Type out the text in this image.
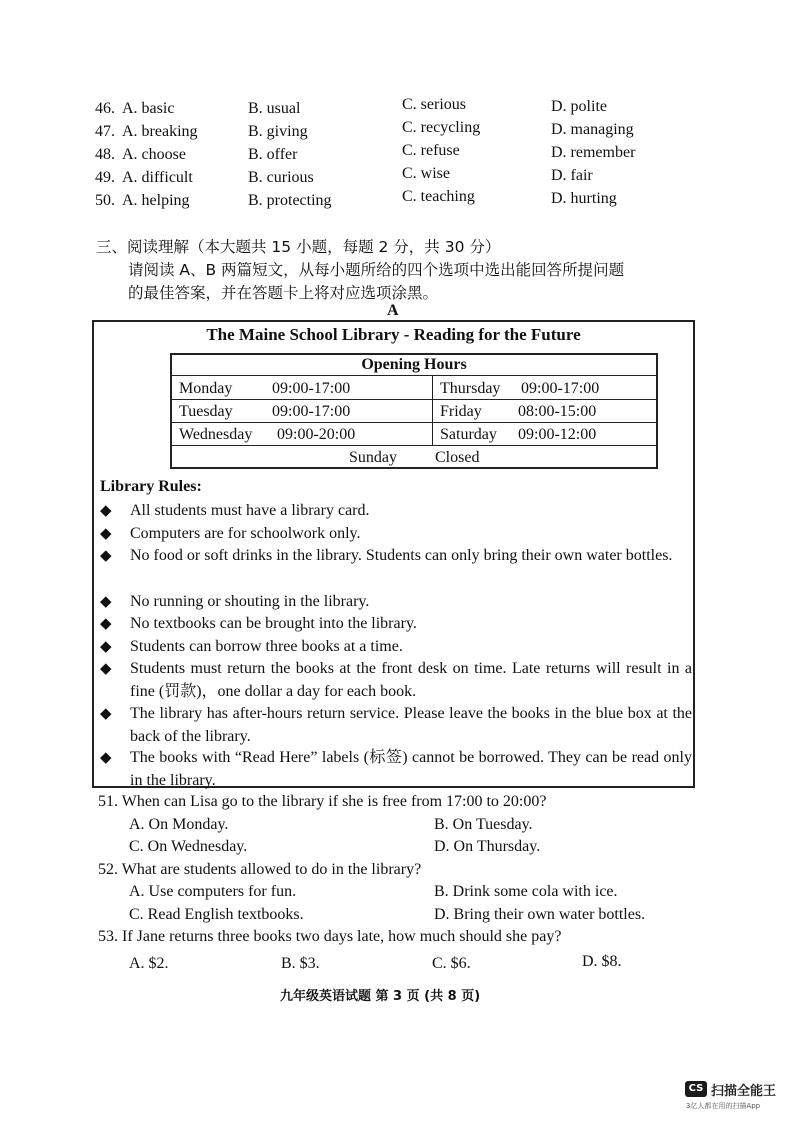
46. A. basic	B. usual	C. serious	D. polite
47. A. breaking	B. giving	C. recycling	D. managing
48. A. choose	B. offer	C. refuse	D. remember
49. A. difficult	B. curious	C. wise	D. fair
50. A. helping	B. protecting	C. teaching	D. hurting
三、阅读理解（本大题共 15 小题，每题 2 分，共 30 分）
请阅读 A、B 两篇短文，从每小题所给的四个选项中选出能回答所提问题
的最佳答案，并在答题卡上将对应选项涂黑。
A
The Maine School Library - Reading for the Future
Opening Hours
Monday 09:00-17:00	Thursday 09:00-17:00
Tuesday 09:00-17:00	Friday 08:00-15:00
Wednesday 09:00-20:00	Saturday 09:00-12:00
Sunday Closed
Library Rules:
◆ All students must have a library card.
◆ Computers are for schoolwork only.
◆ No food or soft drinks in the library. Students can only bring their own water bottles.
◆ No running or shouting in the library.
◆ No textbooks can be brought into the library.
◆ Students can borrow three books at a time.
◆ Students must return the books at the front desk on time. Late returns will result in a fine (罚款)，one dollar a day for each book.
◆ The library has after-hours return service. Please leave the books in the blue box at the back of the library.
◆ The books with “Read Here” labels (标签) cannot be borrowed. They can be read only in the library.
51. When can Lisa go to the library if she is free from 17:00 to 20:00?
A. On Monday.	B. On Tuesday.
C. On Wednesday.	D. On Thursday.
52. What are students allowed to do in the library?
A. Use computers for fun.	B. Drink some cola with ice.
C. Read English textbooks.	D. Bring their own water bottles.
53. If Jane returns three books two days late, how much should she pay?
A. $2.	B. $3.	C. $6.	D. $8.
九年级英语试题 第 3 页 (共 8 页)
CS 扫描全能王
3亿人都在用的扫描App
